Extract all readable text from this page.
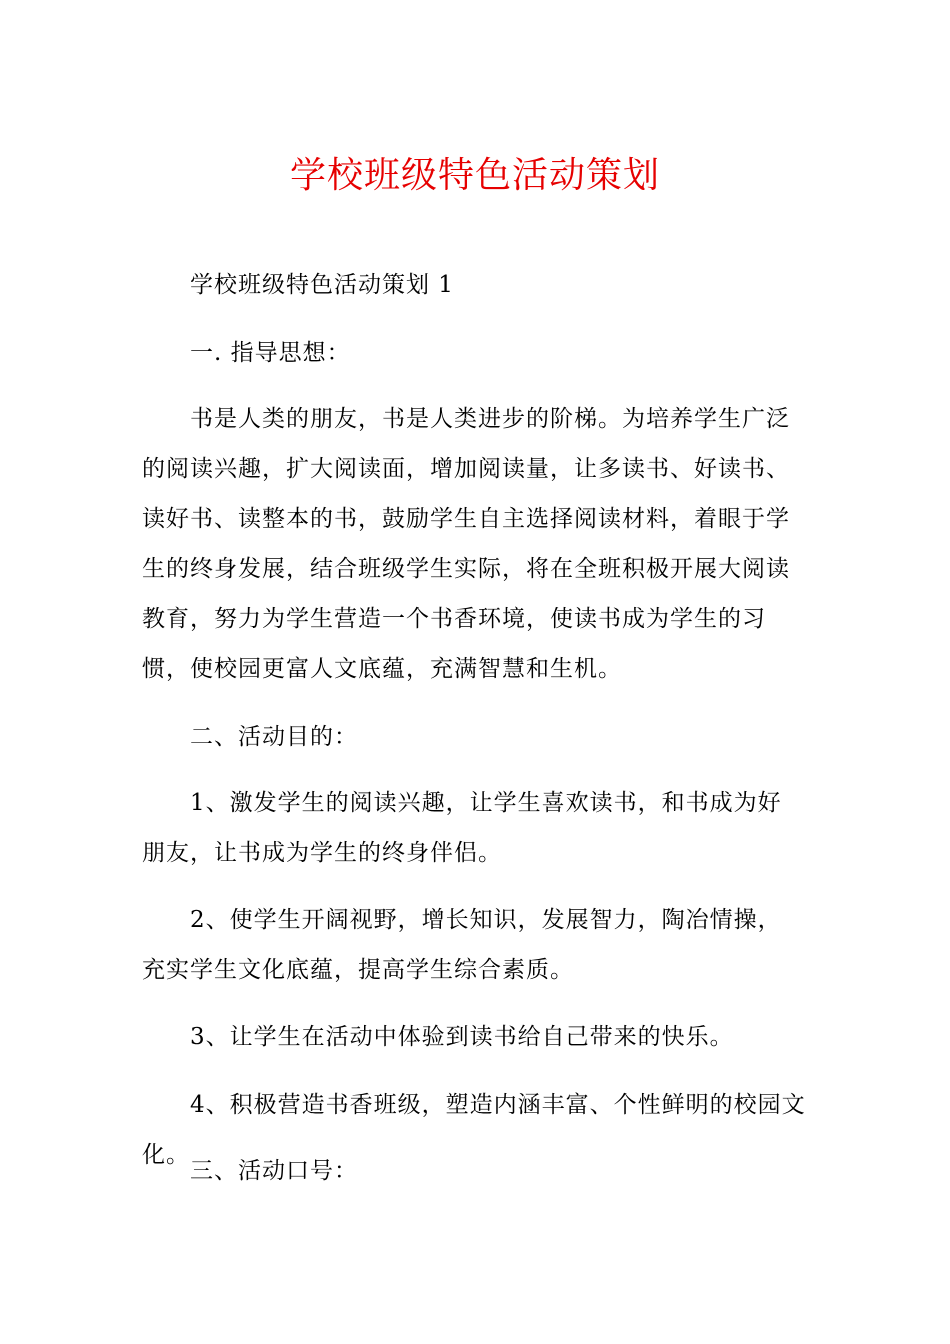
学校班级特色活动策划

学校班级特色活动策划 1

一. 指导思想：

书是人类的朋友，书是人类进步的阶梯。为培养学生广泛的阅读兴趣，扩大阅读面，增加阅读量，让多读书、好读书、读好书、读整本的书，鼓励学生自主选择阅读材料，着眼于学生的终身发展，结合班级学生实际，将在全班积极开展大阅读教育，努力为学生营造一个书香环境，使读书成为学生的习惯，使校园更富人文底蕴，充满智慧和生机。

二、活动目的：

1、激发学生的阅读兴趣，让学生喜欢读书，和书成为好朋友，让书成为学生的终身伴侣。

2、使学生开阔视野，增长知识，发展智力，陶冶情操，充实学生文化底蕴，提高学生综合素质。

3、让学生在活动中体验到读书给自己带来的快乐。

4、积极营造书香班级，塑造内涵丰富、个性鲜明的校园文化。

三、活动口号：
